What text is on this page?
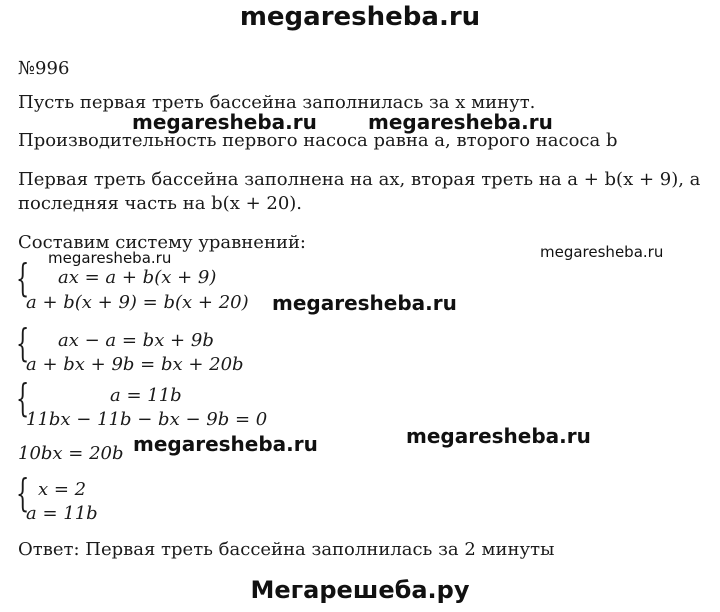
megaresheba.ru
Мегарешеба.ру
№996
Пусть первая треть бассейна заполнилась за x минут.
Производительность первого насоса равна a, второго насоса b
Первая треть бассейна заполнена на ax, вторая треть на a + b(x + 9), а
последняя часть на b(x + 20).
Составим систему уравнений:
{ ax = a + b(x + 9)
a + b(x + 9) = b(x + 20)
{ ax − a = bx + 9b
a + bx + 9b = bx + 20b
{	a = 11b
11bx − 11b − bx − 9b = 0
10bx = 20b
{ x = 2
a = 11b
Ответ: Первая треть бассейна заполнилась за 2 минуты
megaresheba.ru	megaresheba.ru
megaresheba.ru
megaresheba.ru
megaresheba.ru
megaresheba.ru
megaresheba.ru
